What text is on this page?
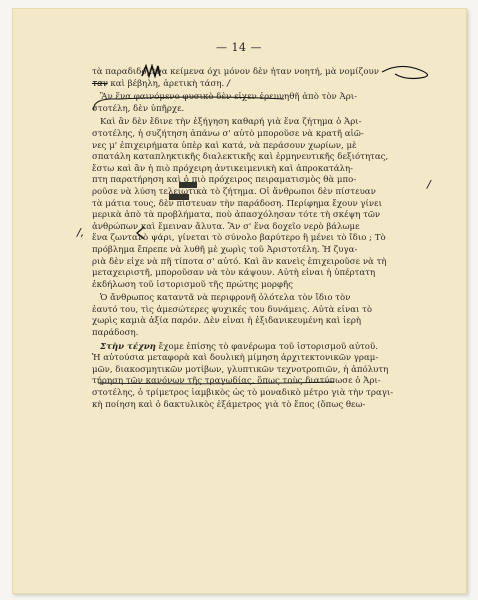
— 14 —
/
/,
τὰ παραδιδόμενα κείμενα όχι μόνον δὲν ἦταν νοητή, μὰ νομίζουν
ταν καὶ βέβηλη, ἀρετικὴ τάση. /
Ἂν ἕνα φαινόμενο φυσικὸ δὲν εἶχεν ἐρευνηθῆ ἀπὸ τὸν Ἀρι-
στοτέλη, δὲν ὑπῆρχε.
Καὶ ἂν δὲν ἔδινε τὴν ἐξήγηση καθαρή γιὰ ἕνα ζήτημα ὁ Ἀρι-
στοτέλης, ἡ συζήτηση ἀπάνω σ' αὐτὸ μποροῦσε νὰ κρατῆ αἰῶ-
νες μ' ἐπιχειρήματα ὑπὲρ καὶ κατά, νὰ περάσουν χωρίων, μὲ
σπατάλη καταπληκτικῆς διαλεκτικῆς καὶ ἑρμηνευτικῆς δεξιότητας,
ἔστω καὶ ἂν ἡ πιὸ πρόχειρη ἀντικειμενικὴ καὶ ἀπροκατάλη-
πτη παρατήρηση καὶ ὁ πιὸ πρόχειρος πειραματισμὸς θὰ μπο-
ροῦσε νὰ λύση τελειωτικὰ τὸ ζήτημα. Οἱ ἄνθρωποι δὲν πίστευαν
τὰ μάτια τους, δὲν πίστευαν τὴν παράδοση. Περίφημα ἔχουν γίνει
μερικὰ ἀπὸ τὰ προβλήματα, ποὺ ἀπασχόλησαν τότε τὴ σκέψη τῶν
ἀνθρώπων καὶ ἔμειναν ἄλυτα. Ἂν σ' ἕνα δοχεῖο νερὸ βάλωμε
ἕνα ζωντανὸ ψάρι, γίνεται τὸ σύνολο βαρύτερο ἢ μένει τὸ ἴδιο ; Τὸ
πρόβλημα ἔπρεπε νὰ λυθῆ μὲ χωρὶς τοῦ Ἀριστοτέλη. Ἡ ζυγα-
ριὰ δὲν εἶχε νὰ πῆ τίποτα σ' αὐτό. Καὶ ἂν κανεὶς ἐπιχειροῦσε νὰ τὴ
μεταχειριστῆ, μποροῦσαν νὰ τὸν κάψουν. Αὐτὴ εἶναι ἡ ὑπέρτατη
ἐκδήλωση τοῦ ἰστορισμοῦ τῆς πρώτης μορφῆς
Ὁ ἄνθρωπος καταντᾶ νὰ περιφρονῆ ὁλότελα τὸν ἴδιο τὸν
ἑαυτό του, τὶς ἀμεσώτερες ψυχικές του δυνάμεις. Αὐτὰ εἶναι τὸ
χωρὶς καμιὰ ἀξία παρόν. Δὲν εἶναι ἡ ἐξιδανικευμένη καὶ ἱερὴ
παράδοση.
Στὴν τέχνη ἔχομε ἐπίσης τὸ φανέρωμα τοῦ ἰστορισμοῦ αὐτοῦ.
Ἡ αὐτούσια μεταφορὰ καὶ δουλικὴ μίμηση ἀρχιτεκτονικῶν γραμ-
μῶν, διακοσμητικῶν μοτίβων, γλυπτικῶν τεχνοτροπιῶν, ἡ ἀπόλυτη
τήρηση τῶν κανόνων τῆς τραγωδίας, ὅπως τοὺς διατύπωσε ὁ Ἀρι-
στοτέλης, ὁ τρίμετρος ἰαμβικὸς ὡς τὸ μοναδικὸ μέτρο γιὰ τὴν τραγι-
κὴ ποίηση καὶ ὁ δακτυλικὸς ἑξάμετρος γιὰ τὸ ἔπος (ὅπως θεω-
